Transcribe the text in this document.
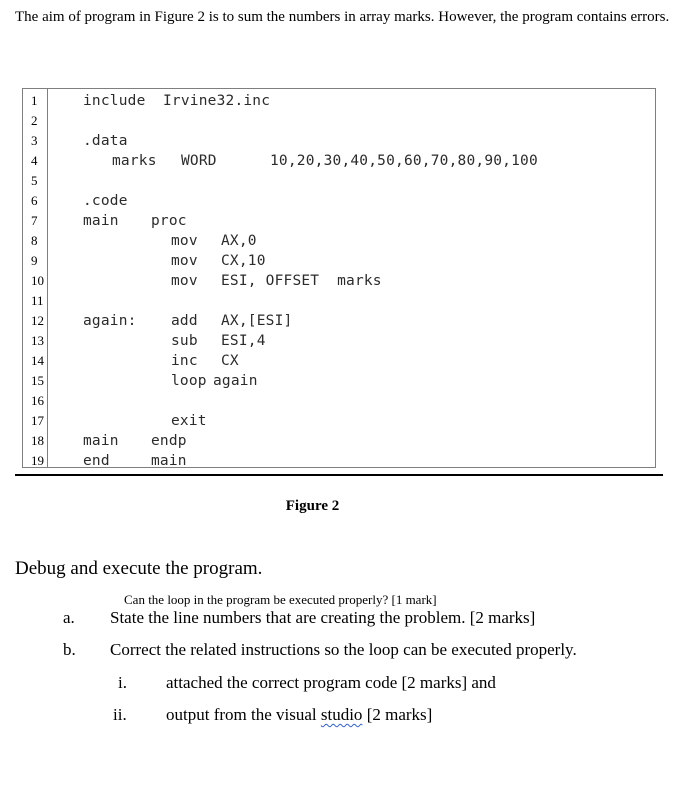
The aim of program in Figure 2 is to sum the numbers in array marks. However, the program contains errors.

1	include Irvine32.inc
2
3	.data
4	marks WORD	10,20,30,40,50,60,70,80,90,100
5
6	.code
7	main proc
8	mov AX,0
9	mov CX,10
10	mov ESI, OFFSET  marks
11
12	again: add AX,[ESI]
13	sub ESI,4
14	inc CX
15	loop again
16
17	exit
18	main endp
19	end	main
Figure 2
Debug and execute the program.
Can the loop in the program be executed properly? [1 mark]
a. State the line numbers that are creating the problem. [2 marks]
b. Correct the related instructions so the loop can be executed properly.
i. attached the correct program code [2 marks] and
ii. output from the visual studio [2 marks]
